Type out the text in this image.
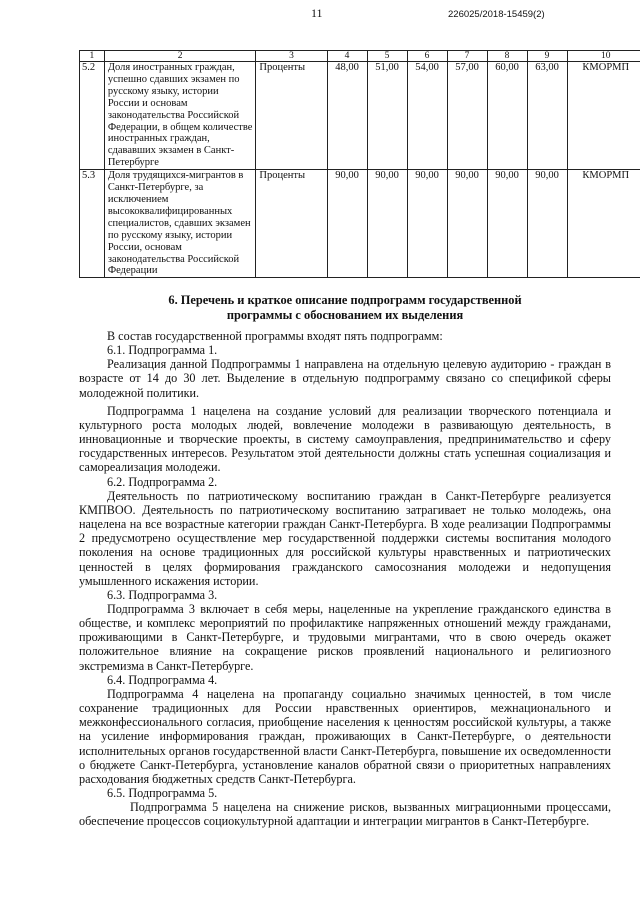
11	226025/2018-15459(2)
1	2	3	4	5	6	7	8	9	10
5.2	Доля иностранных граждан, успешно сдавших экзамен по русскому языку, истории России и основам законодательства Российской Федерации, в общем количестве иностранных граждан, сдававших экзамен в Санкт-Петербурге	Проценты	48,00	51,00	54,00	57,00	60,00	63,00	КМОРМП
5.3	Доля трудящихся-мигрантов в Санкт-Петербурге, за исключением высококвалифицированных специалистов, сдавших экзамен по русскому языку, истории России, основам законодательства Российской Федерации	Проценты	90,00	90,00	90,00	90,00	90,00	90,00	КМОРМП
6. Перечень и краткое описание подпрограмм государственной
программы с обоснованием их выделения

В состав государственной программы входят пять подпрограмм:

6.1. Подпрограмма 1.

Реализация данной Подпрограммы 1 направлена на отдельную целевую аудиторию - граждан в возрасте от 14 до 30 лет. Выделение в отдельную подпрограмму связано со спецификой сферы молодежной политики.

Подпрограмма 1 нацелена на создание условий для реализации творческого потенциала и культурного роста молодых людей, вовлечение молодежи в развивающую деятельность, в инновационные и творческие проекты, в систему самоуправления, предпринимательство и сферу государственных интересов. Результатом этой деятельности должны стать успешная социализация и самореализация молодежи.

6.2. Подпрограмма 2.

Деятельность по патриотическому воспитанию граждан в Санкт-Петербурге реализуется КМПВОО. Деятельность по патриотическому воспитанию затрагивает не только молодежь, она нацелена на все возрастные категории граждан Санкт-Петербурга. В ходе реализации Подпрограммы 2 предусмотрено осуществление мер государственной поддержки системы воспитания молодого поколения на основе традиционных для российской культуры нравственных и патриотических ценностей в целях формирования гражданского самосознания молодежи и недопущения умышленного искажения истории.

6.3. Подпрограмма 3.

Подпрограмма 3 включает в себя меры, нацеленные на укрепление гражданского единства в обществе, и комплекс мероприятий по профилактике напряженных отношений между гражданами, проживающими в Санкт-Петербурге, и трудовыми мигрантами, что в свою очередь окажет положительное влияние на сокращение рисков проявлений национального и религиозного экстремизма в Санкт-Петербурге.

6.4. Подпрограмма 4.

Подпрограмма 4 нацелена на пропаганду социально значимых ценностей, в том числе сохранение традиционных для России нравственных ориентиров, межнационального и межконфессионального согласия, приобщение населения к ценностям российской культуры, а также на усиление информирования граждан, проживающих в Санкт-Петербурге, о деятельности исполнительных органов государственной власти Санкт-Петербурга, повышение их осведомленности о бюджете Санкт-Петербурга, установление каналов обратной связи о приоритетных направлениях расходования бюджетных средств Санкт-Петербурга.

6.5. Подпрограмма 5.

Подпрограмма 5 нацелена на снижение рисков, вызванных миграционными процессами, обеспечение процессов социокультурной адаптации и интеграции мигрантов в Санкт-Петербурге.
